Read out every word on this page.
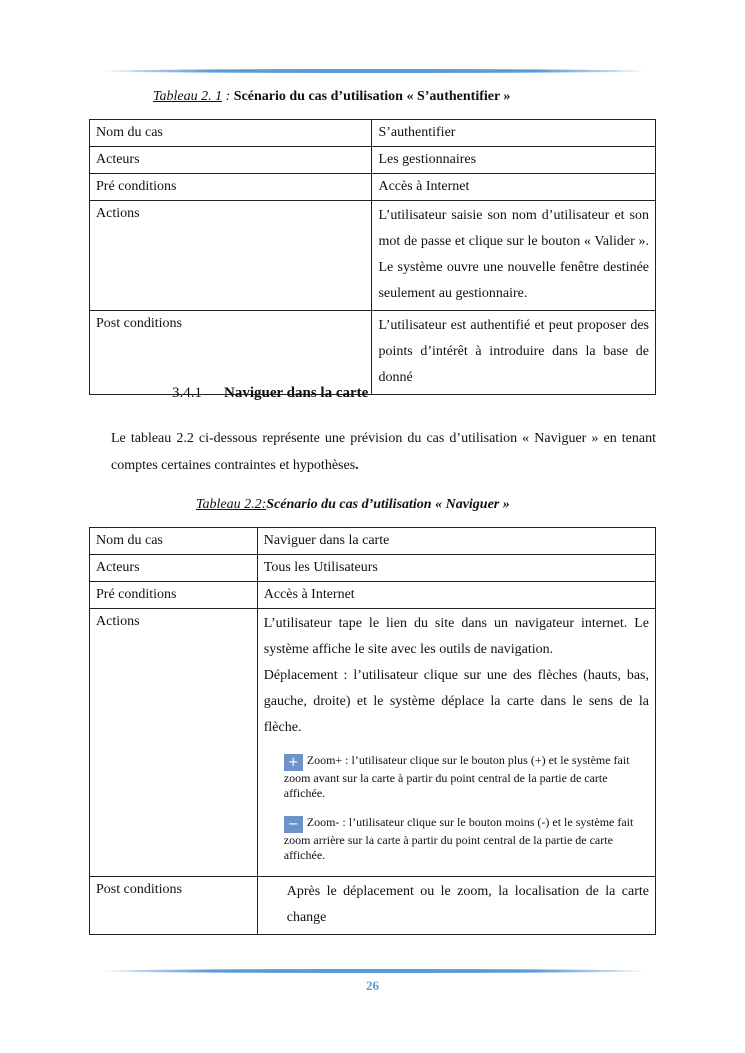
Tableau 2. 1 : Scénario du cas d’utilisation « S’authentifier »
Nom du cas	S’authentifier
Acteurs	Les gestionnaires
Pré conditions	Accès à Internet
Actions	L’utilisateur saisie son nom d’utilisateur et son mot de passe et clique sur le bouton « Valider ». Le système ouvre une nouvelle fenêtre destinée seulement au gestionnaire.
Post conditions	L’utilisateur est authentifié et peut proposer des points d’intérêt à introduire dans la base de donné
3.4.1 Naviguer dans la carte
Le tableau 2.2 ci-dessous représente une prévision du cas d’utilisation « Naviguer » en tenant comptes certaines contraintes et hypothèses.
Tableau 2.2:Scénario du cas d’utilisation « Naviguer »
Nom du cas	Naviguer dans la carte
Acteurs	Tous les Utilisateurs
Pré conditions	Accès à Internet
Actions	L’utilisateur tape le lien du site dans un navigateur internet. Le système affiche le site avec les outils de navigation.
Déplacement : l’utilisateur clique sur une des flèches (hauts, bas, gauche, droite) et le système déplace la carte dans le sens de la flèche.
+ Zoom+ : l’utilisateur clique sur le bouton plus (+) et le système fait zoom avant sur la carte à partir du point central de la partie de carte affichée.
− Zoom- : l’utilisateur clique sur le bouton moins (-) et le système fait zoom arrière sur la carte à partir du point central de la partie de carte affichée.

Post conditions	Après le déplacement ou le zoom, la localisation de la carte change
26
